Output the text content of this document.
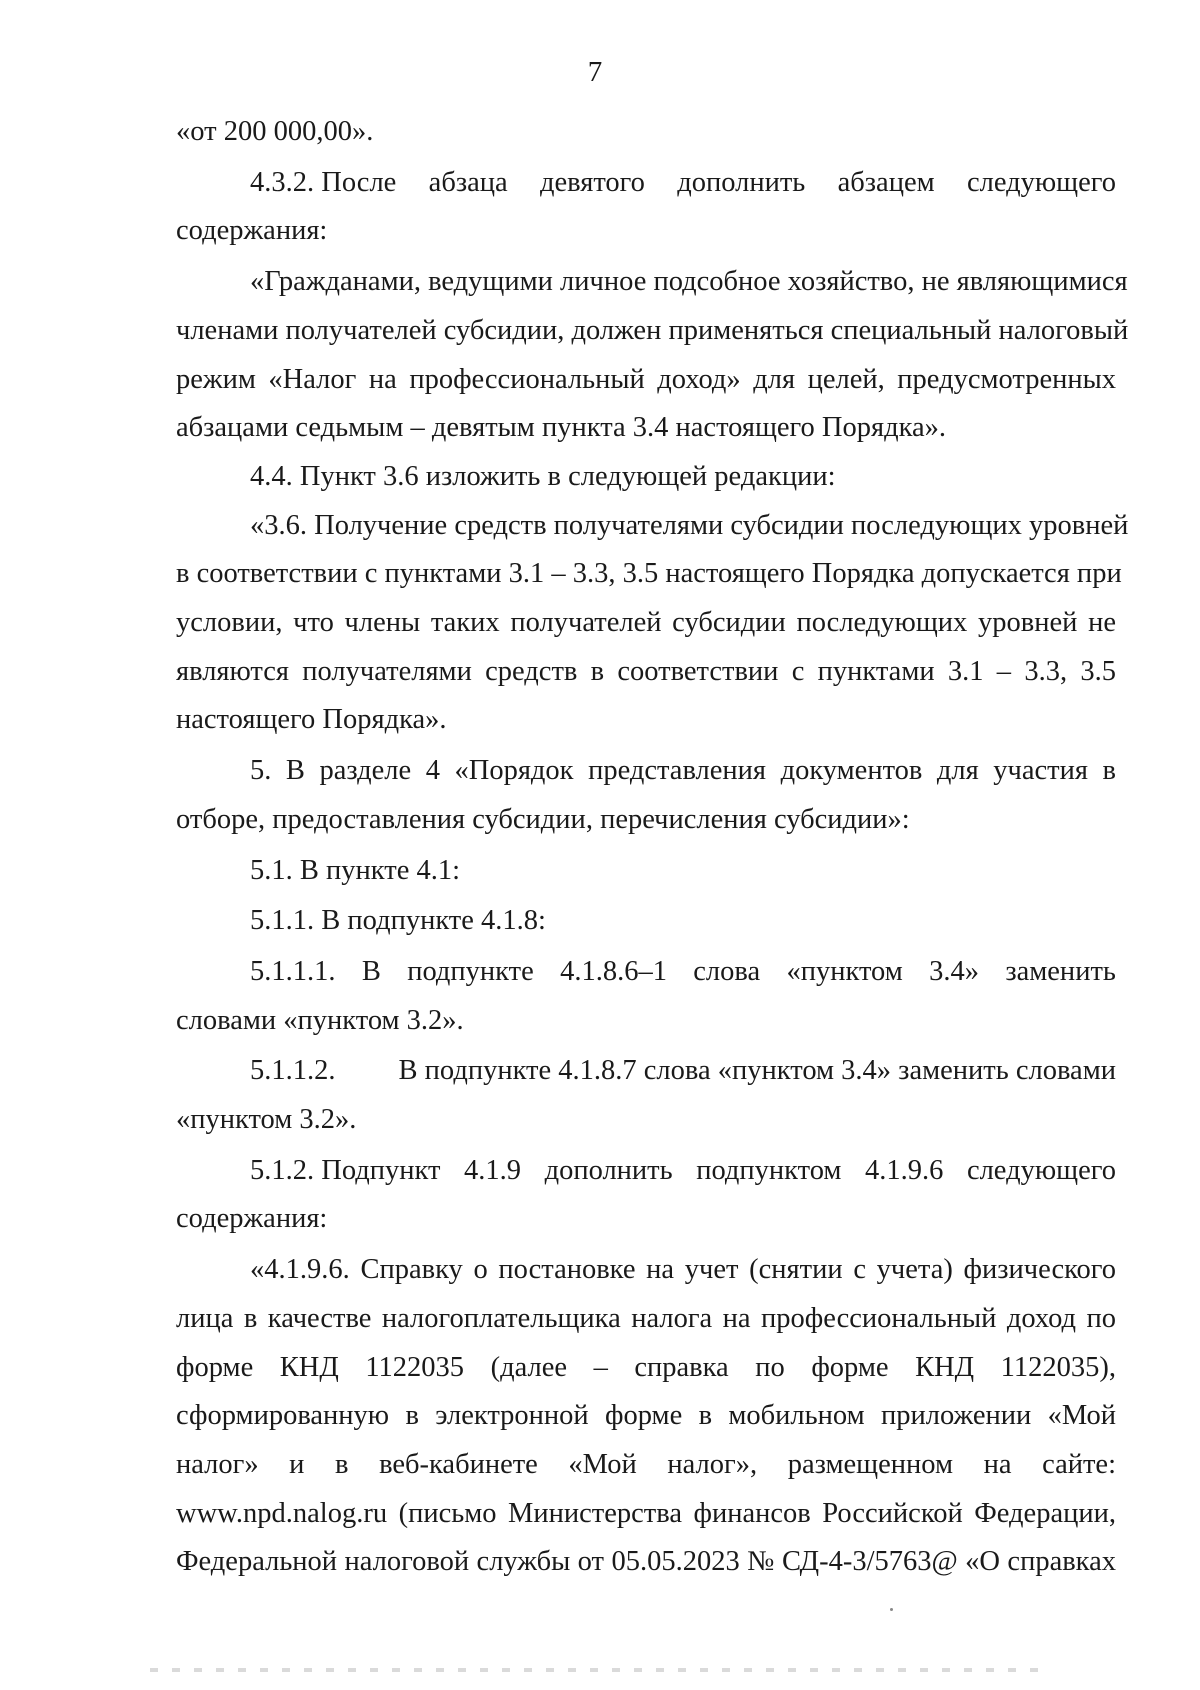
7
«от 200 000,00».
4.3.2. После абзаца девятого дополнить абзацем следующего
содержания:
«Гражданами, ведущими личное подсобное хозяйство, не являющимися
членами получателей субсидии, должен применяться специальный налоговый
режим «Налог на профессиональный доход» для целей, предусмотренных
абзацами седьмым – девятым пункта 3.4 настоящего Порядка».
4.4. Пункт 3.6 изложить в следующей редакции:
«3.6. Получение средств получателями субсидии последующих уровней
в соответствии с пунктами 3.1 – 3.3, 3.5 настоящего Порядка допускается при
условии, что члены таких получателей субсидии последующих уровней не
являются получателями средств в соответствии с пунктами 3.1 – 3.3, 3.5
настоящего Порядка».
5. В разделе 4 «Порядок представления документов для участия в
отборе, предоставления субсидии, перечисления субсидии»:
5.1. В пункте 4.1:
5.1.1. В подпункте 4.1.8:
5.1.1.1. В подпункте 4.1.8.6–1 слова «пунктом 3.4» заменить
словами «пунктом 3.2».
5.1.1.2. В подпункте 4.1.8.7 слова «пунктом 3.4» заменить словами
«пунктом 3.2».
5.1.2. Подпункт 4.1.9 дополнить подпунктом 4.1.9.6 следующего
содержания:
«4.1.9.6. Справку о постановке на учет (снятии с учета) физического
лица в качестве налогоплательщика налога на профессиональный доход по
форме КНД 1122035 (далее – справка по форме КНД 1122035),
сформированную в электронной форме в мобильном приложении «Мой
налог» и в веб-кабинете «Мой налог», размещенном на сайте:
www.npd.nalog.ru (письмо Министерства финансов Российской Федерации,
Федеральной налоговой службы от 05.05.2023 № СД-4-3/5763@ «О справках
